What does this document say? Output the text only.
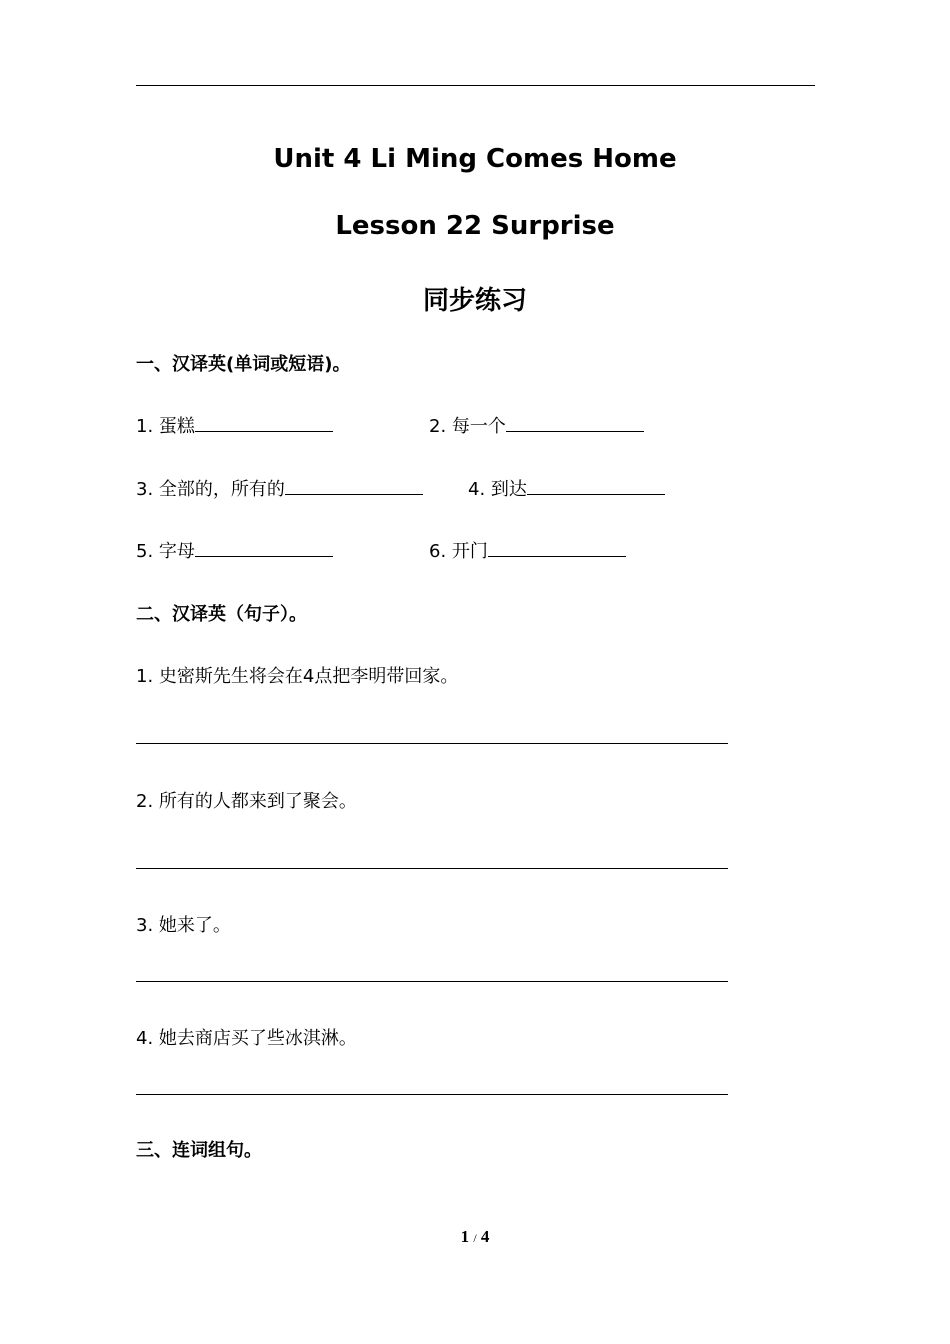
Unit 4 Li Ming Comes Home
Lesson 22 Surprise
同步练习
一、汉译英(单词或短语)。
1. 蛋糕	2. 每一个
3. 全部的，所有的	4. 到达
5. 字母	6. 开门
二、汉译英（句子）。
1. 史密斯先生将会在4点把李明带回家。
2. 所有的人都来到了聚会。
3. 她来了。
4. 她去商店买了些冰淇淋。
三、连词组句。
1 / 4
